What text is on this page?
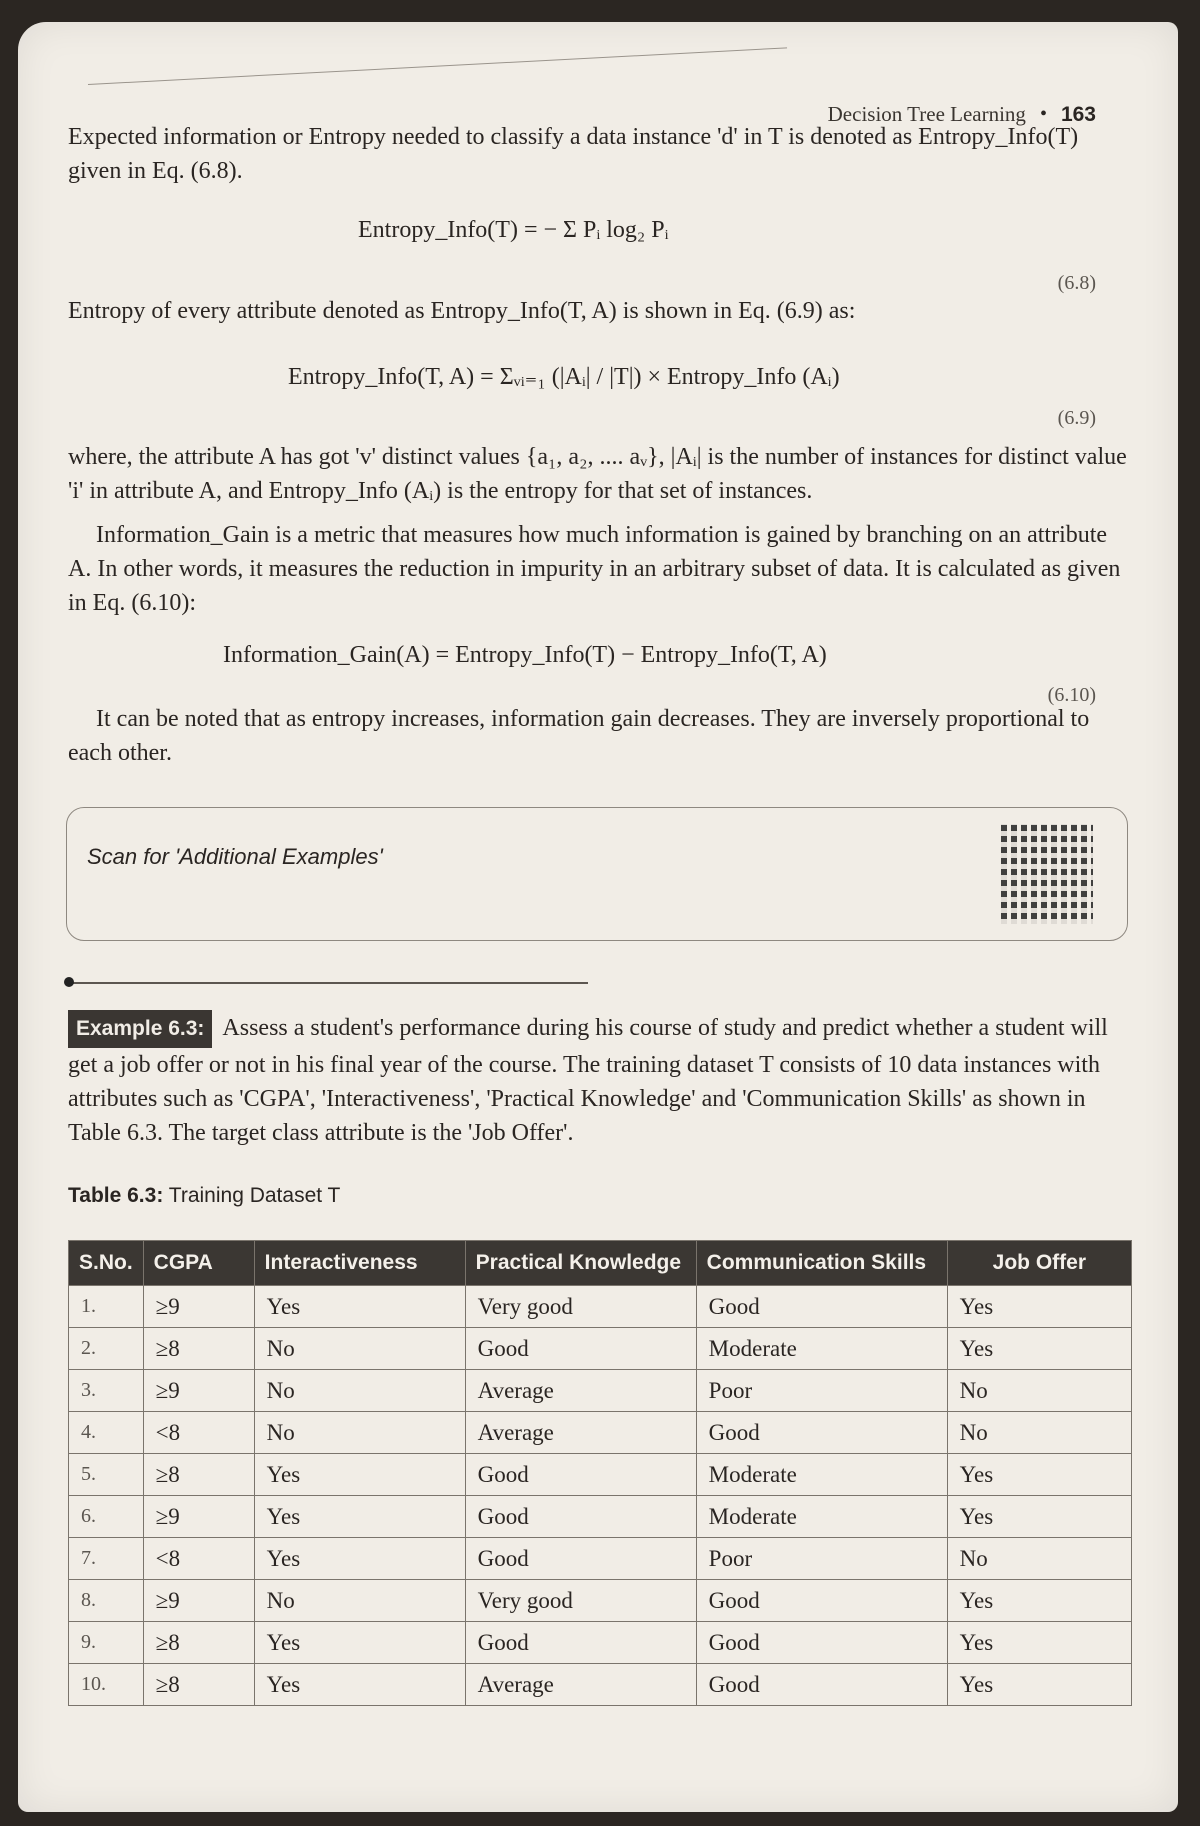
Decision Tree Learning • 163

Expected information or Entropy needed to classify a data instance 'd' in T is denoted as Entropy_Info(T) given in Eq. (6.8).

Entropy_Info(T) = − Σ Pᵢ log₂ Pᵢ
(6.8)

Entropy of every attribute denoted as Entropy_Info(T, A) is shown in Eq. (6.9) as:

Entropy_Info(T, A) = Σᵥᵢ₌₁ (|Aᵢ| / |T|) × Entropy_Info (Aᵢ)
(6.9)

where, the attribute A has got 'v' distinct values {a₁, a₂, .... aᵥ}, |Aᵢ| is the number of instances for distinct value 'i' in attribute A, and Entropy_Info (Aᵢ) is the entropy for that set of instances.

Information_Gain is a metric that measures how much information is gained by branching on an attribute A. In other words, it measures the reduction in impurity in an arbitrary subset of data. It is calculated as given in Eq. (6.10):

Information_Gain(A) = Entropy_Info(T) − Entropy_Info(T, A)
(6.10)

It can be noted that as entropy increases, information gain decreases. They are inversely proportional to each other.

Scan for 'Additional Examples'

Example 6.3: Assess a student's performance during his course of study and predict whether a student will get a job offer or not in his final year of the course. The training dataset T consists of 10 data instances with attributes such as 'CGPA', 'Interactiveness', 'Practical Knowledge' and 'Communication Skills' as shown in Table 6.3. The target class attribute is the 'Job Offer'.

Table 6.3: Training Dataset T
S.No.	CGPA	Interactiveness	Practical Knowledge	Communication Skills	Job Offer
1.	≥9	Yes	Very good	Good	Yes
2.	≥8	No	Good	Moderate	Yes
3.	≥9	No	Average	Poor	No
4.	<8	No	Average	Good	No
5.	≥8	Yes	Good	Moderate	Yes
6.	≥9	Yes	Good	Moderate	Yes
7.	<8	Yes	Good	Poor	No
8.	≥9	No	Very good	Good	Yes
9.	≥8	Yes	Good	Good	Yes
10.	≥8	Yes	Average	Good	Yes
